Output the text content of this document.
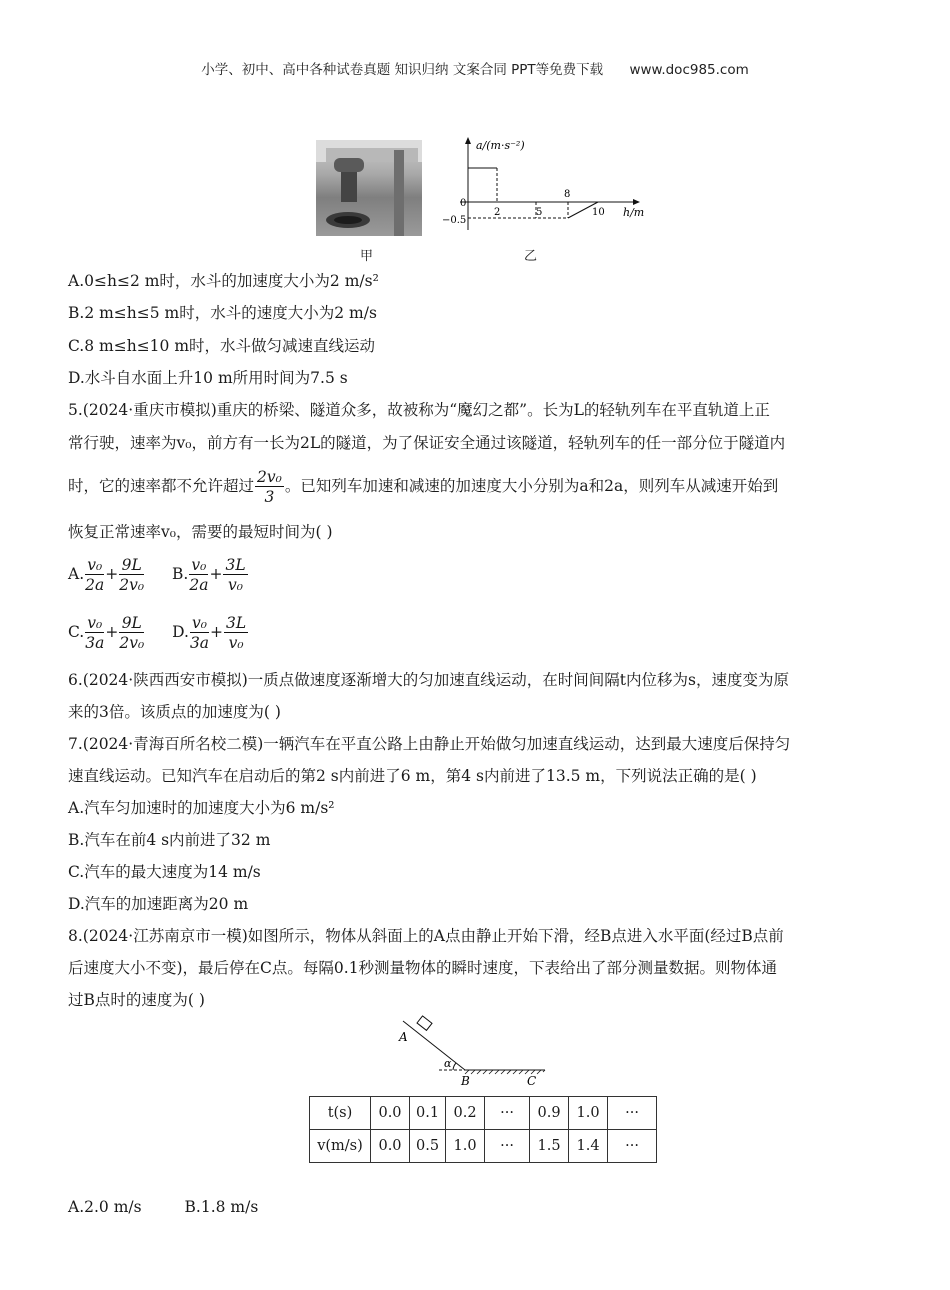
小学、初中、高中各种试卷真题 知识归纳 文案合同 PPT等免费下载 www.doc985.com
甲	乙
a/(m·s⁻²)
h/m
0
−0.5
2	5
8
10
A.0≤h≤2 m时，水斗的加速度大小为2 m/s²
B.2 m≤h≤5 m时，水斗的速度大小为2 m/s
C.8 m≤h≤10 m时，水斗做匀减速直线运动
D.水斗自水面上升10 m所用时间为7.5 s
5.(2024·重庆市模拟)重庆的桥梁、隧道众多，故被称为“魔幻之都”。长为L的轻轨列车在平直轨道上正
常行驶，速率为v₀，前方有一长为2L的隧道，为了保证安全通过该隧道，轻轨列车的任一部分位于隧道内
时，它的速率都不允许超过 $\frac{\text{2v₀}}{3}$ 。已知列车加速和减速的加速度大小分别为a和2a，则列车从减速开始到
恢复正常速率v₀，需要的最短时间为( )
A. $\frac{\text{v₀}}{2a} + \frac{9L}{\text{2v₀}} B$. $\frac{\text{v₀}}{2a} + \frac{3L}{\text{v₀}}$
C. $\frac{\text{v₀}}{3a} + \frac{9L}{\text{2v₀}} D$. $\frac{\text{v₀}}{3a} + \frac{3L}{\text{v₀}}$
6.(2024·陕西西安市模拟)一质点做速度逐渐增大的匀加速直线运动，在时间间隔t内位移为s，速度变为原
来的3倍。该质点的加速度为( )
7.(2024·青海百所名校二模)一辆汽车在平直公路上由静止开始做匀加速直线运动，达到最大速度后保持匀
速直线运动。已知汽车在启动后的第2 s内前进了6 m，第4 s内前进了13.5 m，下列说法正确的是( )
A.汽车匀加速时的加速度大小为6 m/s²
B.汽车在前4 s内前进了32 m
C.汽车的最大速度为14 m/s
D.汽车的加速距离为20 m
8.(2024·江苏南京市一模)如图所示，物体从斜面上的A点由静止开始下滑，经B点进入水平面(经过B点前
后速度大小不变)，最后停在C点。每隔0.1秒测量物体的瞬时速度，下表给出了部分测量数据。则物体通
过B点时的速度为( )
A
α
B	C
t(s)	0.0	0.1	0.2	···	0.9	1.0	···
v(m/s)	0.0	0.5	1.0	···	1.5	1.4	···
A.2.0 m/s	B.1.8 m/s
